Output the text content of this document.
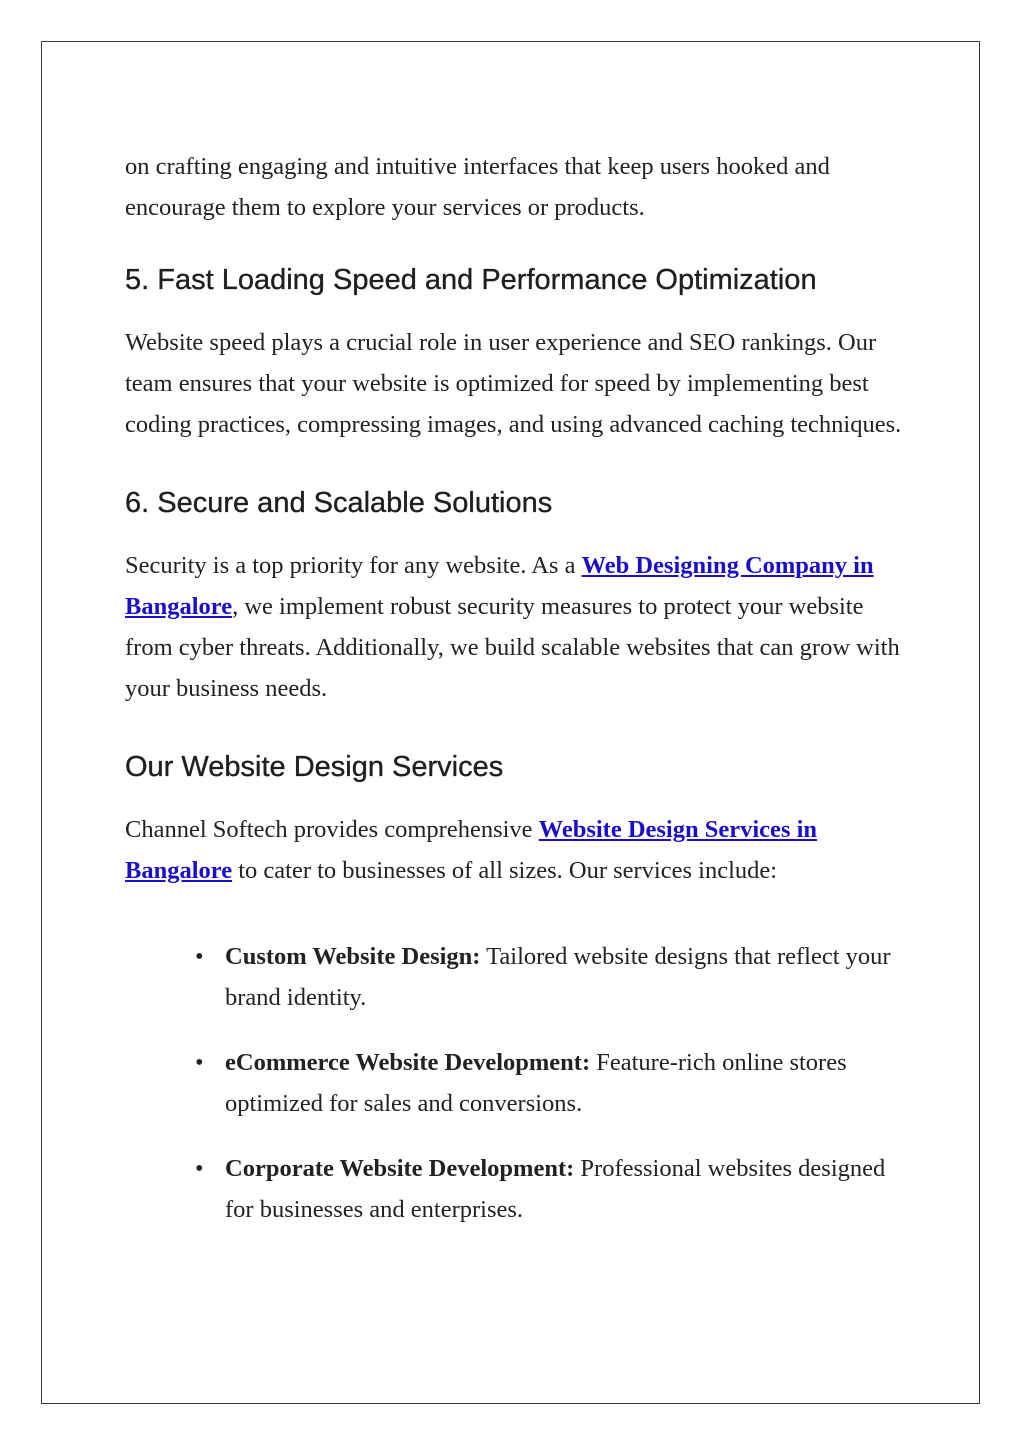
on crafting engaging and intuitive interfaces that keep users hooked and encourage them to explore your services or products.

5. Fast Loading Speed and Performance Optimization

Website speed plays a crucial role in user experience and SEO rankings. Our team ensures that your website is optimized for speed by implementing best coding practices, compressing images, and using advanced caching techniques.

6. Secure and Scalable Solutions

Security is a top priority for any website. As a Web Designing Company in Bangalore, we implement robust security measures to protect your website from cyber threats. Additionally, we build scalable websites that can grow with your business needs.

Our Website Design Services

Channel Softech provides comprehensive Website Design Services in Bangalore to cater to businesses of all sizes. Our services include:

• Custom Website Design: Tailored website designs that reflect your brand identity.
• eCommerce Website Development: Feature-rich online stores optimized for sales and conversions.
• Corporate Website Development: Professional websites designed for businesses and enterprises.
